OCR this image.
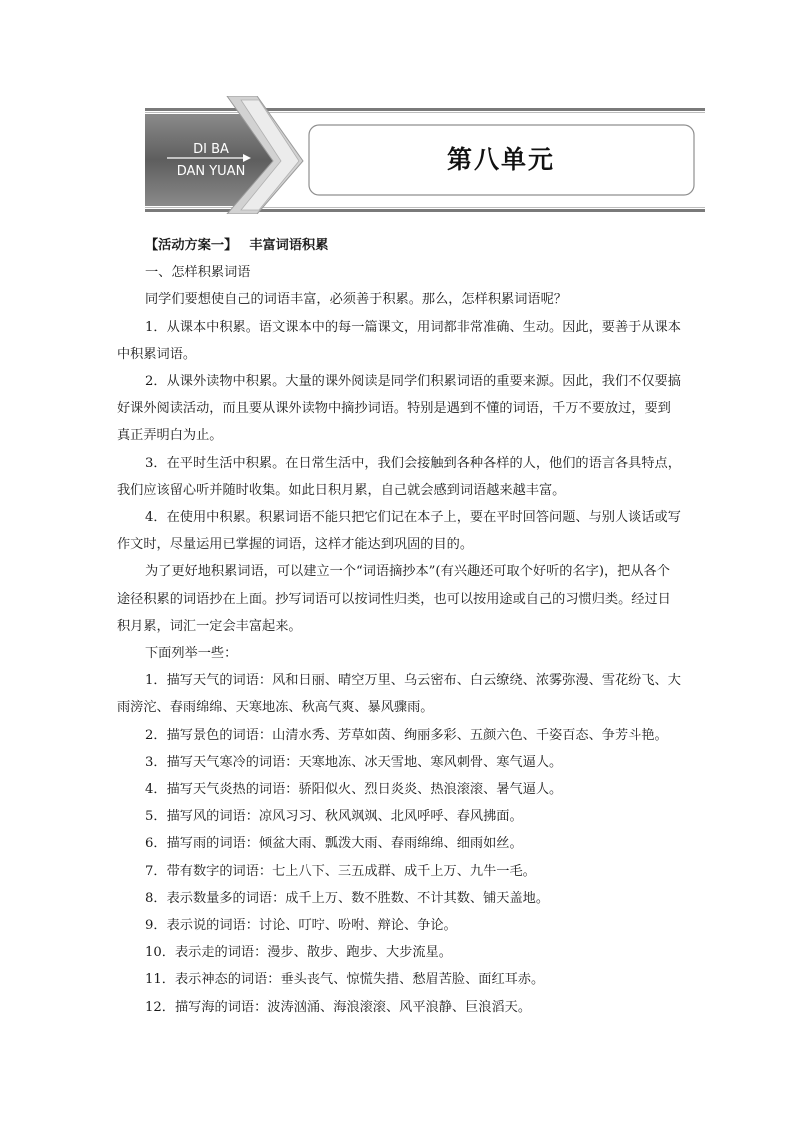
DI BA
DAN YUAN	第八单元

【活动方案一】 丰富词语积累

一、怎样积累词语

同学们要想使自己的词语丰富，必须善于积累。那么，怎样积累词语呢？

1．从课本中积累。语文课本中的每一篇课文，用词都非常准确、生动。因此，要善于从课本中积累词语。

2．从课外读物中积累。大量的课外阅读是同学们积累词语的重要来源。因此，我们不仅要搞好课外阅读活动，而且要从课外读物中摘抄词语。特别是遇到不懂的词语，千万不要放过，要到真正弄明白为止。

3．在平时生活中积累。在日常生活中，我们会接触到各种各样的人，他们的语言各具特点，我们应该留心听并随时收集。如此日积月累，自己就会感到词语越来越丰富。

4．在使用中积累。积累词语不能只把它们记在本子上，要在平时回答问题、与别人谈话或写作文时，尽量运用已掌握的词语，这样才能达到巩固的目的。

为了更好地积累词语，可以建立一个“词语摘抄本”(有兴趣还可取个好听的名字)，把从各个途径积累的词语抄在上面。抄写词语可以按词性归类，也可以按用途或自己的习惯归类。经过日积月累，词汇一定会丰富起来。

下面列举一些：

1．描写天气的词语：风和日丽、晴空万里、乌云密布、白云缭绕、浓雾弥漫、雪花纷飞、大雨滂沱、春雨绵绵、天寒地冻、秋高气爽、暴风骤雨。

2．描写景色的词语：山清水秀、芳草如茵、绚丽多彩、五颜六色、千姿百态、争芳斗艳。

3．描写天气寒冷的词语：天寒地冻、冰天雪地、寒风刺骨、寒气逼人。

4．描写天气炎热的词语：骄阳似火、烈日炎炎、热浪滚滚、暑气逼人。

5．描写风的词语：凉风习习、秋风飒飒、北风呼呼、春风拂面。

6．描写雨的词语：倾盆大雨、瓢泼大雨、春雨绵绵、细雨如丝。

7．带有数字的词语：七上八下、三五成群、成千上万、九牛一毛。

8．表示数量多的词语：成千上万、数不胜数、不计其数、铺天盖地。

9．表示说的词语：讨论、叮咛、吩咐、辩论、争论。

10．表示走的词语：漫步、散步、跑步、大步流星。

11．表示神态的词语：垂头丧气、惊慌失措、愁眉苦脸、面红耳赤。

12．描写海的词语：波涛汹涌、海浪滚滚、风平浪静、巨浪滔天。
